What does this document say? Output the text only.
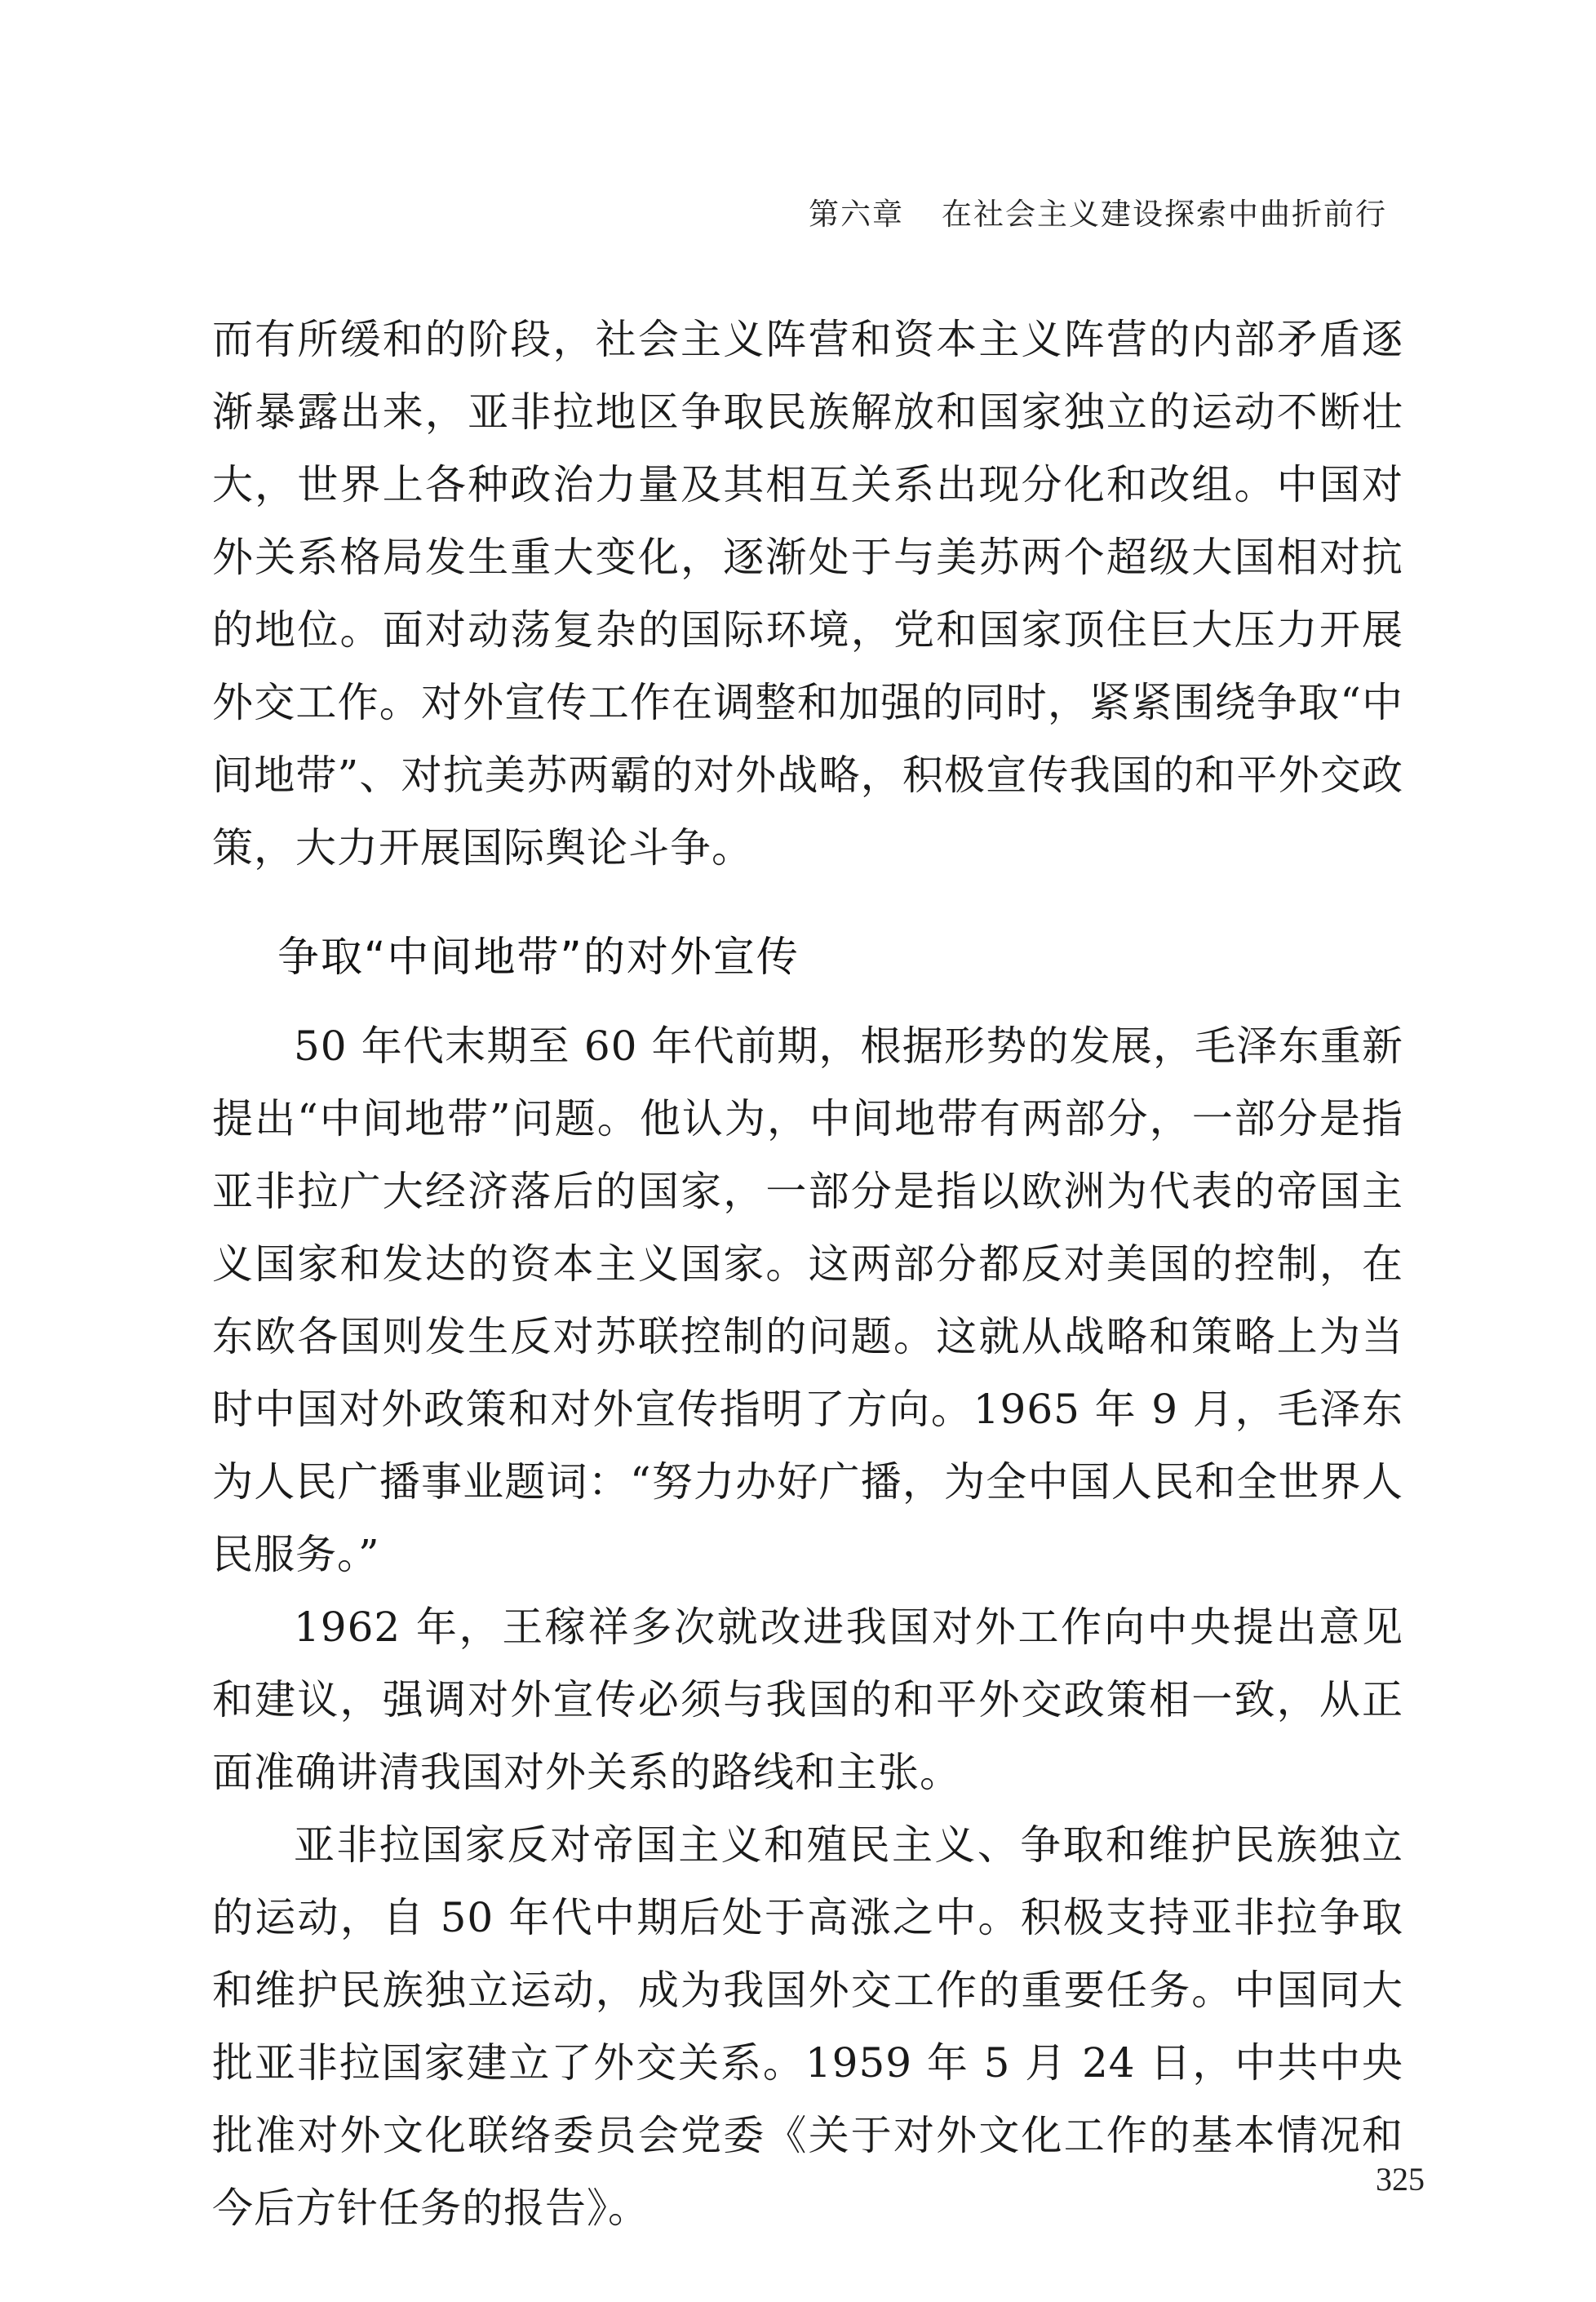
第六章 在社会主义建设探索中曲折前行

而有所缓和的阶段，社会主义阵营和资本主义阵营的内部矛盾逐渐暴露出来，亚非拉地区争取民族解放和国家独立的运动不断壮大，世界上各种政治力量及其相互关系出现分化和改组。中国对外关系格局发生重大变化，逐渐处于与美苏两个超级大国相对抗的地位。面对动荡复杂的国际环境，党和国家顶住巨大压力开展外交工作。对外宣传工作在调整和加强的同时，紧紧围绕争取“中间地带”、对抗美苏两霸的对外战略，积极宣传我国的和平外交政策，大力开展国际舆论斗争。

争取“中间地带”的对外宣传

50 年代末期至 60 年代前期，根据形势的发展，毛泽东重新提出“中间地带”问题。他认为，中间地带有两部分，一部分是指亚非拉广大经济落后的国家，一部分是指以欧洲为代表的帝国主义国家和发达的资本主义国家。这两部分都反对美国的控制，在东欧各国则发生反对苏联控制的问题。这就从战略和策略上为当时中国对外政策和对外宣传指明了方向。1965 年 9 月，毛泽东为人民广播事业题词：“努力办好广播，为全中国人民和全世界人民服务。”

1962 年，王稼祥多次就改进我国对外工作向中央提出意见和建议，强调对外宣传必须与我国的和平外交政策相一致，从正面准确讲清我国对外关系的路线和主张。

亚非拉国家反对帝国主义和殖民主义、争取和维护民族独立的运动，自 50 年代中期后处于高涨之中。积极支持亚非拉争取和维护民族独立运动，成为我国外交工作的重要任务。中国同大批亚非拉国家建立了外交关系。1959 年 5 月 24 日，中共中央批准对外文化联络委员会党委《关于对外文化工作的基本情况和今后方针任务的报告》。

325
